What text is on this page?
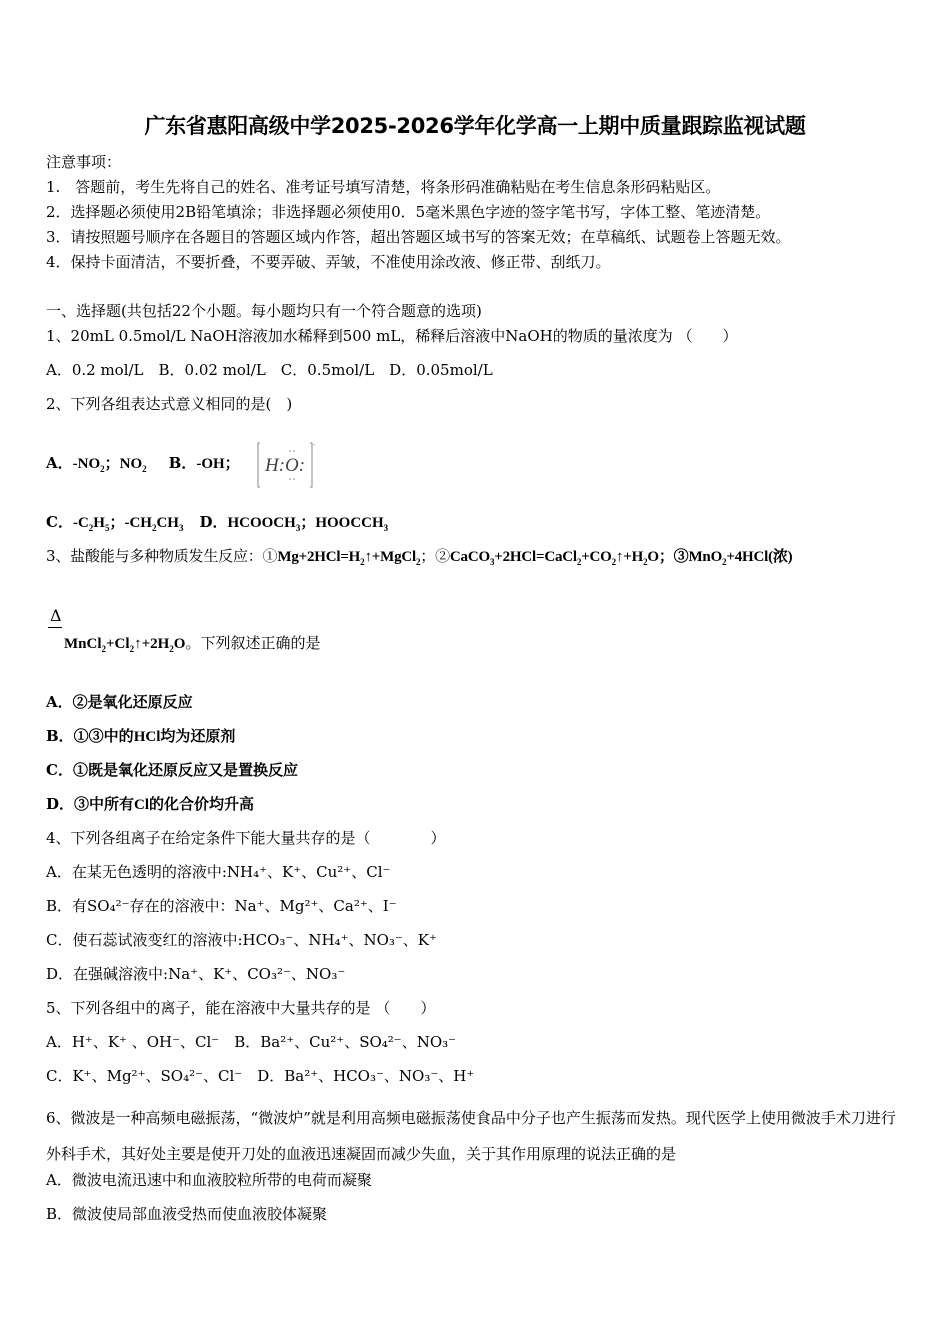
广东省惠阳高级中学2025-2026学年化学高一上期中质量跟踪监视试题
注意事项：
1.　答题前，考生先将自己的姓名、准考证号填写清楚，将条形码准确粘贴在考生信息条形码粘贴区。
2．选择题必须使用2B铅笔填涂；非选择题必须使用0．5毫米黑色字迹的签字笔书写，字体工整、笔迹清楚。
3．请按照题号顺序在各题目的答题区域内作答，超出答题区域书写的答案无效；在草稿纸、试题卷上答题无效。
4．保持卡面清洁，不要折叠，不要弄破、弄皱，不准使用涂改液、修正带、刮纸刀。
一、选择题(共包括22个小题。每小题均只有一个符合题意的选项)
1、20mL 0.5mol/L NaOH溶液加水稀释到500 mL，稀释后溶液中NaOH的物质的量浓度为 （　　）
A．0.2 mol/L　B．0.02 mol/L　C．0.5mol/L　D．0.05mol/L
2、下列各组表达式意义相同的是(　)
A．$-NO_2$；$NO_2$ B．-OH； H:O:
-
C．$-C_2H_5$；$-CH_2CH_3$ D．$HCOOCH_3$；$HOOCCH_3$
3、盐酸能与多种物质发生反应：$①Mg+2HCl=H_2↑+MgCl_2$；$②CaCO_3+2HCl=CaCl_2+CO_2↑+H_2O$；③MnO$_2$+4HCl(浓)
Δ
$MnCl_2+Cl_2↑+2H_2O$。下列叙述正确的是
A．②是氧化还原反应
B．①③中的HCl均为还原剂
C．①既是氧化还原反应又是置换反应
D．③中所有Cl的化合价均升高
4、下列各组离子在给定条件下能大量共存的是（　　　　）
A．在某无色透明的溶液中:NH₄⁺、K⁺、Cu²⁺、Cl⁻
B．有SO₄²⁻存在的溶液中：Na⁺、Mg²⁺、Ca²⁺、I⁻
C．使石蕊试液变红的溶液中:HCO₃⁻、NH₄⁺、NO₃⁻、K⁺
D．在强碱溶液中:Na⁺、K⁺、CO₃²⁻、NO₃⁻
5、下列各组中的离子，能在溶液中大量共存的是 （　　）
A．H⁺、K⁺ 、OH⁻、Cl⁻　B．Ba²⁺、Cu²⁺、SO₄²⁻、NO₃⁻
C．K⁺、Mg²⁺、SO₄²⁻、Cl⁻　D．Ba²⁺、HCO₃⁻、NO₃⁻、H⁺
6、微波是一种高频电磁振荡，“微波炉”就是利用高频电磁振荡使食品中分子也产生振荡而发热。现代医学上使用微波手术刀进行外科手术，其好处主要是使开刀处的血液迅速凝固而减少失血，关于其作用原理的说法正确的是
A．微波电流迅速中和血液胶粒所带的电荷而凝聚
B．微波使局部血液受热而使血液胶体凝聚
